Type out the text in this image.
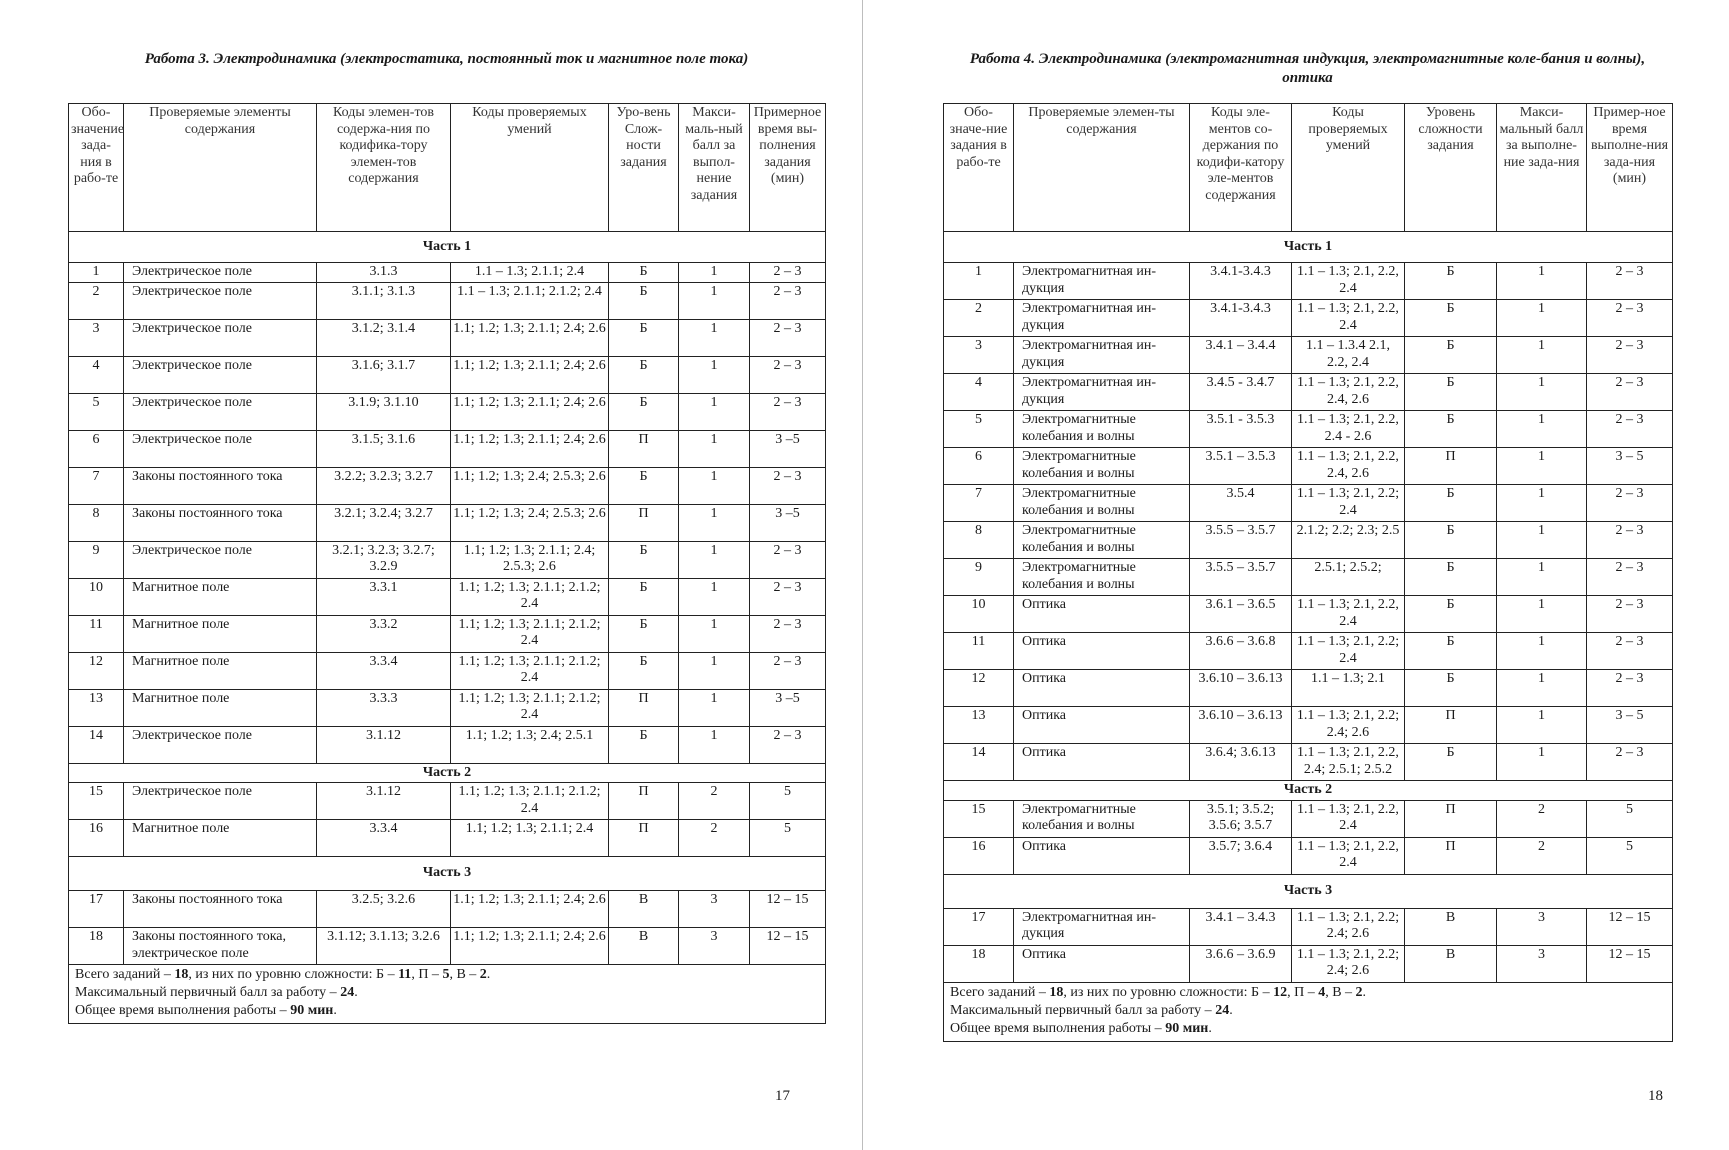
Работа 3. Электродинамика (электростатика, постоянный ток и магнитное поле тока)
Обо-значение зада-ния в рабо-те	Проверяемые элементы содержания	Коды элемен-тов содержа-ния по кодифика-тору элемен-тов содержания	Коды проверяемых умений	Уро-вень Слож-ности задания	Макси-маль-ный балл за выпол-нение задания	Примерное время вы-полнения задания (мин)
Часть 1						
1	Электрическое поле	3.1.3	1.1 – 1.3; 2.1.1; 2.4	Б	1	2 – 3
2	Электрическое поле	3.1.1; 3.1.3	1.1 – 1.3; 2.1.1; 2.1.2; 2.4	Б	1	2 – 3
3	Электрическое поле	3.1.2; 3.1.4	1.1; 1.2; 1.3; 2.1.1; 2.4; 2.6	Б	1	2 – 3
4	Электрическое поле	3.1.6; 3.1.7	1.1; 1.2; 1.3; 2.1.1; 2.4; 2.6	Б	1	2 – 3
5	Электрическое поле	3.1.9; 3.1.10	1.1; 1.2; 1.3; 2.1.1; 2.4; 2.6	Б	1	2 – 3
6	Электрическое поле	3.1.5; 3.1.6	1.1; 1.2; 1.3; 2.1.1; 2.4; 2.6	П	1	3 –5
7	Законы постоянного тока	3.2.2; 3.2.3; 3.2.7	1.1; 1.2; 1.3; 2.4; 2.5.3; 2.6	Б	1	2 – 3
8	Законы постоянного тока	3.2.1; 3.2.4; 3.2.7	1.1; 1.2; 1.3; 2.4; 2.5.3; 2.6	П	1	3 –5
9	Электрическое поле	3.2.1; 3.2.3; 3.2.7; 3.2.9	1.1; 1.2; 1.3; 2.1.1; 2.4; 2.5.3; 2.6	Б	1	2 – 3
10	Магнитное поле	3.3.1	1.1; 1.2; 1.3; 2.1.1; 2.1.2; 2.4	Б	1	2 – 3
11	Магнитное поле	3.3.2	1.1; 1.2; 1.3; 2.1.1; 2.1.2; 2.4	Б	1	2 – 3
12	Магнитное поле	3.3.4	1.1; 1.2; 1.3; 2.1.1; 2.1.2; 2.4	Б	1	2 – 3
13	Магнитное поле	3.3.3	1.1; 1.2; 1.3; 2.1.1; 2.1.2; 2.4	П	1	3 –5
14	Электрическое поле	3.1.12	1.1; 1.2; 1.3; 2.4; 2.5.1	Б	1	2 – 3
Часть 2						
15	Электрическое поле	3.1.12	1.1; 1.2; 1.3; 2.1.1; 2.1.2; 2.4	П	2	5
16	Магнитное поле	3.3.4	1.1; 1.2; 1.3; 2.1.1; 2.4	П	2	5
Часть 3						
17	Законы постоянного тока	3.2.5; 3.2.6	1.1; 1.2; 1.3; 2.1.1; 2.4; 2.6	В	3	12 – 15
18	Законы постоянного тока, электрическое поле	3.1.12; 3.1.13; 3.2.6	1.1; 1.2; 1.3; 2.1.1; 2.4; 2.6	В	3	12 – 15

Всего заданий – 18, из них по уровню сложности: Б – 11, П – 5, В – 2.
Максимальный первичный балл за работу – 24.
Общее время выполнения работы – 90 мин.						
17
Работа 4. Электродинамика (электромагнитная индукция, электромагнитные коле-бания и волны), оптика
Обо-значе-ние задания в рабо-те	Проверяемые элемен-ты содержания	Коды эле-ментов со-держания по кодифи-катору эле-ментов содержания	Коды проверяемых умений	Уровень сложности задания	Макси-мальный балл за выполне-ние зада-ния	Пример-ное время выполне-ния зада-ния (мин)
Часть 1						
1	Электромагнитная ин-дукция	3.4.1-3.4.3	1.1 – 1.3; 2.1, 2.2, 2.4	Б	1	2 – 3
2	Электромагнитная ин-дукция	3.4.1-3.4.3	1.1 – 1.3; 2.1, 2.2, 2.4	Б	1	2 – 3
3	Электромагнитная ин-дукция	3.4.1 – 3.4.4	1.1 – 1.3.4 2.1, 2.2, 2.4	Б	1	2 – 3
4	Электромагнитная ин-дукция	3.4.5 - 3.4.7	1.1 – 1.3; 2.1, 2.2, 2.4, 2.6	Б	1	2 – 3
5	Электромагнитные колебания и волны	3.5.1 - 3.5.3	1.1 – 1.3; 2.1, 2.2, 2.4 - 2.6	Б	1	2 – 3
6	Электромагнитные колебания и волны	3.5.1 – 3.5.3	1.1 – 1.3; 2.1, 2.2, 2.4, 2.6	П	1	3 – 5
7	Электромагнитные колебания и волны	3.5.4	1.1 – 1.3; 2.1, 2.2; 2.4	Б	1	2 – 3
8	Электромагнитные колебания и волны	3.5.5 – 3.5.7	2.1.2; 2.2; 2.3; 2.5	Б	1	2 – 3
9	Электромагнитные колебания и волны	3.5.5 – 3.5.7	2.5.1; 2.5.2;	Б	1	2 – 3
10	Оптика	3.6.1 – 3.6.5	1.1 – 1.3; 2.1, 2.2, 2.4	Б	1	2 – 3
11	Оптика	3.6.6 – 3.6.8	1.1 – 1.3; 2.1, 2.2; 2.4	Б	1	2 – 3
12	Оптика	3.6.10 – 3.6.13	1.1 – 1.3; 2.1	Б	1	2 – 3
13	Оптика	3.6.10 – 3.6.13	1.1 – 1.3; 2.1, 2.2; 2.4; 2.6	П	1	3 – 5
14	Оптика	3.6.4; 3.6.13	1.1 – 1.3; 2.1, 2.2, 2.4; 2.5.1; 2.5.2	Б	1	2 – 3
Часть 2						
15	Электромагнитные колебания и волны	3.5.1; 3.5.2; 3.5.6; 3.5.7	1.1 – 1.3; 2.1, 2.2, 2.4	П	2	5
16	Оптика	3.5.7; 3.6.4	1.1 – 1.3; 2.1, 2.2, 2.4	П	2	5
Часть 3						
17	Электромагнитная ин-дукция	3.4.1 – 3.4.3	1.1 – 1.3; 2.1, 2.2; 2.4; 2.6	В	3	12 – 15
18	Оптика	3.6.6 – 3.6.9	1.1 – 1.3; 2.1, 2.2; 2.4; 2.6	В	3	12 – 15

Всего заданий – 18, из них по уровню сложности: Б – 12, П – 4, В – 2.
Максимальный первичный балл за работу – 24.
Общее время выполнения работы – 90 мин.						
18
